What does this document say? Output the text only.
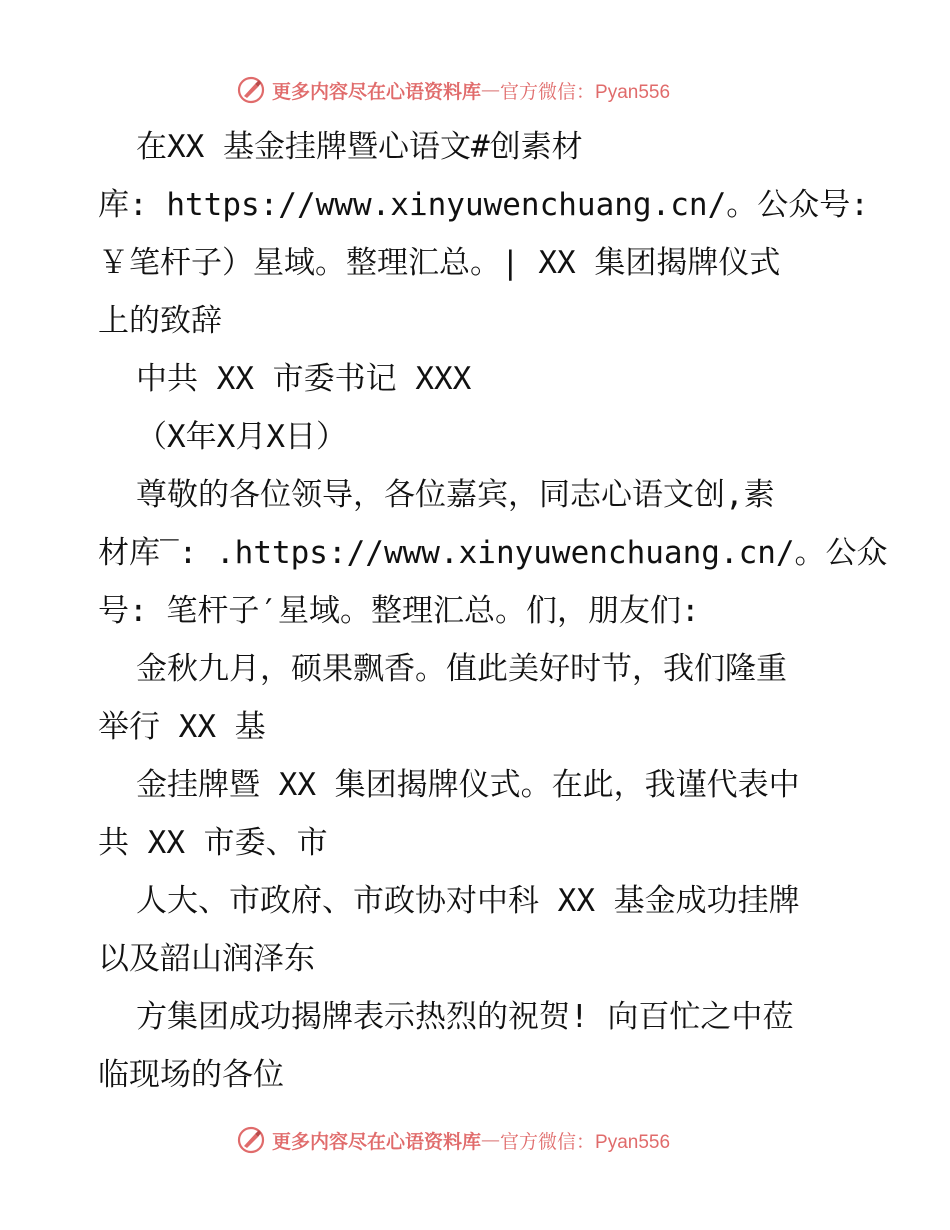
更多内容尽在心语资料库 — 官方微信：Pyan556
在XX 基金挂牌暨心语文#创素材
库: https://www.xinyuwenchuang.cn/。公众号:
￥笔杆子）星域。整理汇总。| XX 集团揭牌仪式
上的致辞
中共 XX 市委书记 XXX
（X年X月X日）
尊敬的各位领导，各位嘉宾，同志心语文创,素
材库‾: .https://www.xinyuwenchuang.cn/。公众
号: 笔杆子′星域。整理汇总。们，朋友们:
金秋九月，硕果飘香。值此美好时节，我们隆重
举行 XX 基
金挂牌暨 XX 集团揭牌仪式。在此，我谨代表中
共 XX 市委、市
人大、市政府、市政协对中科 XX 基金成功挂牌
以及韶山润泽东
方集团成功揭牌表示热烈的祝贺! 向百忙之中莅
临现场的各位
更多内容尽在心语资料库 — 官方微信：Pyan556
